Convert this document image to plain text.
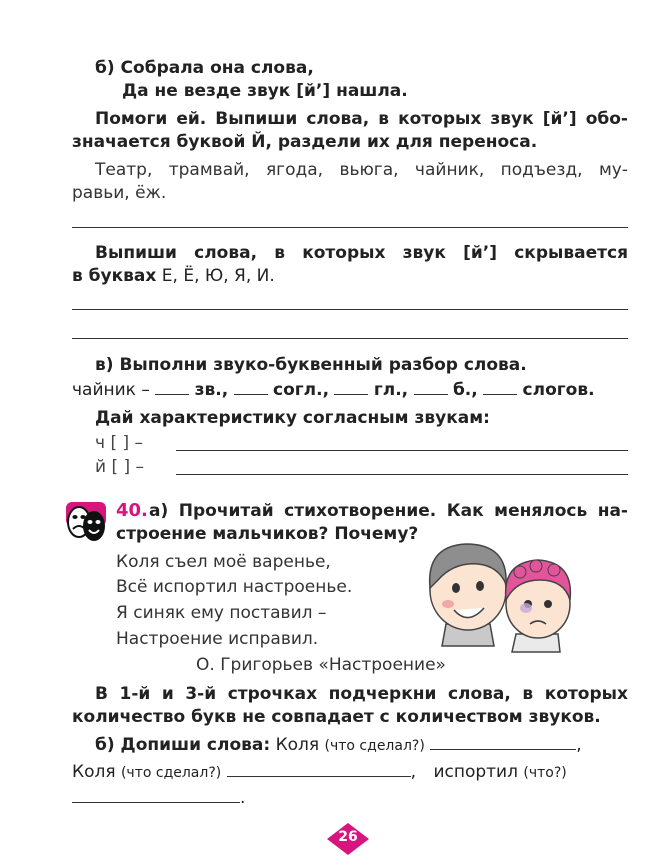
б) Собрала она слова,
Да не везде звук [й’] нашла.
Помоги ей. Выпиши слова, в которых звук [й’] обо-
значается буквой Й, раздели их для переноса.
Театр, трамвай, ягода, вьюга, чайник, подъезд, му-
равьи, ёж.
Выпиши слова, в которых звук [й’] скрывается
в буквах Е, Ё, Ю, Я, И.
в) Выполни звуко-буквенный разбор слова.
чайник –	зв.,	согл.,	гл.,	б.,	слогов.
Дай характеристику согласным звукам:
ч [ ] –
й [ ] –
40. а) Прочитай стихотворение. Как менялось на-
строение мальчиков? Почему?
Коля съел моё варенье,
Всё испортил настроенье.
Я синяк ему поставил –
Настроение исправил.
О. Григорьев «Настроение»
В 1-й и 3-й строчках подчеркни слова, в которых
количество букв не совпадает с количеством звуков.
б) Допиши слова: Коля (что сделал?)	,
Коля (что сделал?)	, испортил (что?)
.
26
